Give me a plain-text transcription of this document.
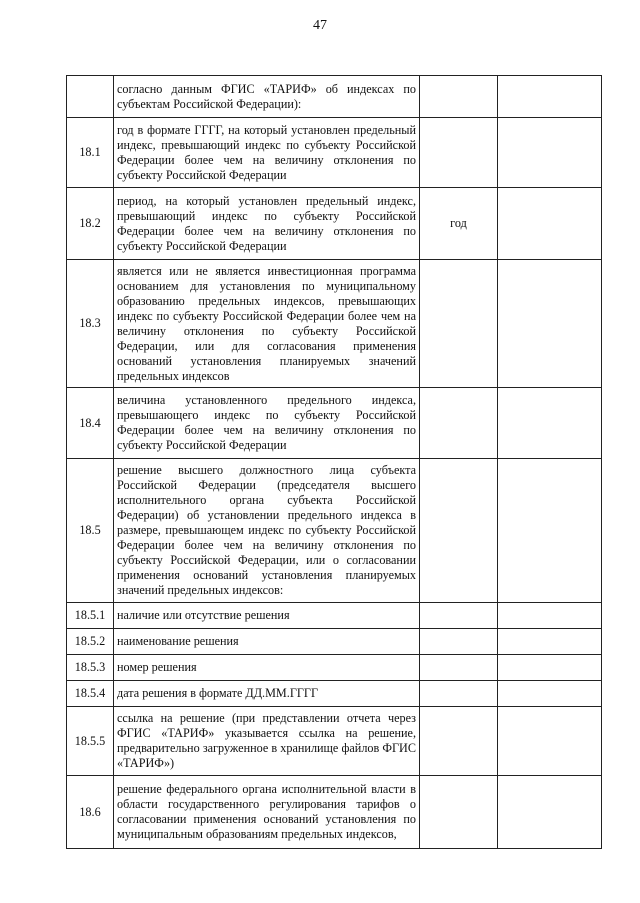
47
	согласно данным ФГИС «ТАРИФ» об индексах по субъектам Российской Федерации):		
18.1	год в формате ГГГГ, на который установлен предельный индекс, превышающий индекс по субъекту Российской Федерации более чем на величину отклонения по субъекту Российской Федерации		
18.2	период, на который установлен предельный индекс, превышающий индекс по субъекту Российской Федерации более чем на величину отклонения по субъекту Российской Федерации	год	
18.3	является или не является инвестиционная программа основанием для установления по муниципальному образованию предельных индексов, превышающих индекс по субъекту Российской Федерации более чем на величину отклонения по субъекту Российской Федерации, или для согласования применения оснований установления планируемых значений предельных индексов		
18.4	величина установленного предельного индекса, превышающего индекс по субъекту Российской Федерации более чем на величину отклонения по субъекту Российской Федерации		
18.5	решение высшего должностного лица субъекта Российской Федерации (председателя высшего исполнительного органа субъекта Российской Федерации) об установлении предельного индекса в размере, превышающем индекс по субъекту Российской Федерации более чем на величину отклонения по субъекту Российской Федерации, или о согласовании применения оснований установления планируемых значений предельных индексов:		
18.5.1	наличие или отсутствие решения		
18.5.2	наименование решения		
18.5.3	номер решения		
18.5.4	дата решения в формате ДД.ММ.ГГГГ		
18.5.5	ссылка на решение (при представлении отчета через ФГИС «ТАРИФ» указывается ссылка на решение, предварительно загруженное в хранилище файлов ФГИС «ТАРИФ»)		
18.6	решение федерального органа исполнительной власти в области государственного регулирования тарифов о согласовании применения оснований установления по муниципальным образованиям предельных индексов,		
